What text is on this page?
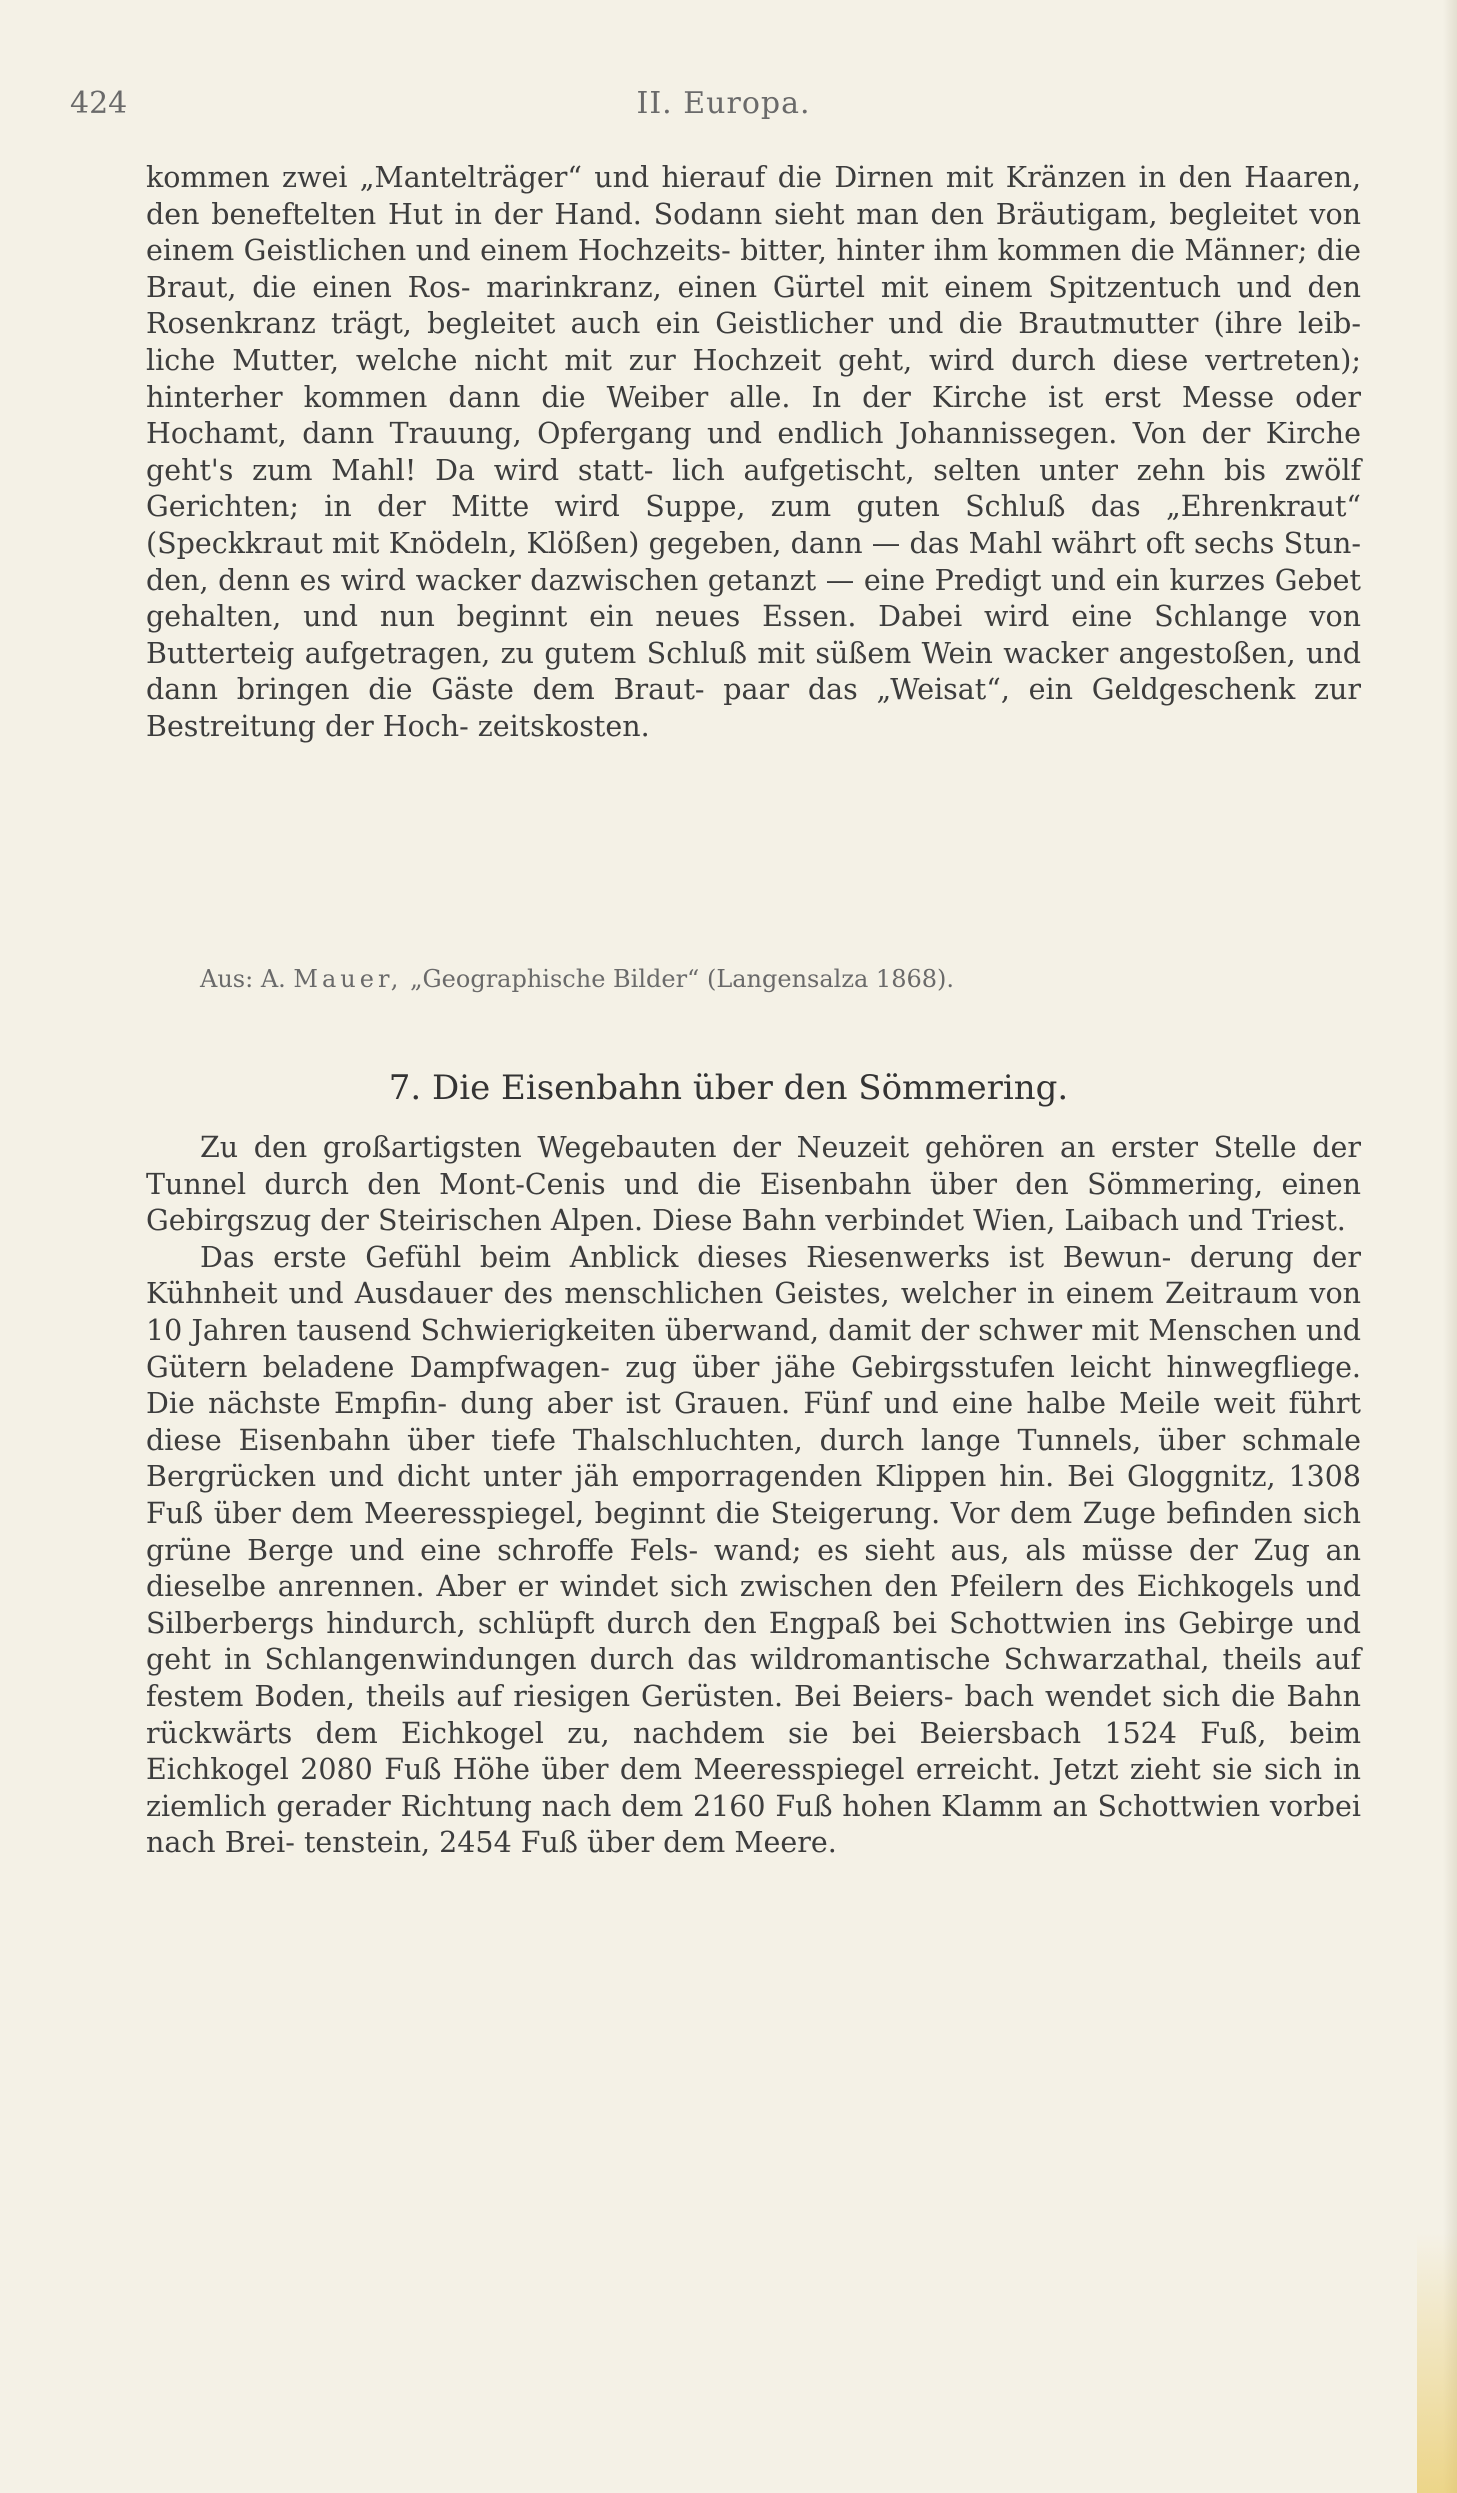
424	II. Europa.

kommen zwei „Mantelträger“ und hierauf die Dirnen mit Kränzen in den Haaren, den beneftelten Hut in der Hand. Sodann sieht man den Bräutigam, begleitet von einem Geistlichen und einem Hochzeits- bitter, hinter ihm kommen die Männer; die Braut, die einen Ros- marinkranz, einen Gürtel mit einem Spitzentuch und den Rosenkranz trägt, begleitet auch ein Geistlicher und die Brautmutter (ihre leib- liche Mutter, welche nicht mit zur Hochzeit geht, wird durch diese vertreten); hinterher kommen dann die Weiber alle. In der Kirche ist erst Messe oder Hochamt, dann Trauung, Opfergang und endlich Johannissegen. Von der Kirche geht's zum Mahl! Da wird statt- lich aufgetischt, selten unter zehn bis zwölf Gerichten; in der Mitte wird Suppe, zum guten Schluß das „Ehrenkraut“ (Speckkraut mit Knödeln, Klößen) gegeben, dann — das Mahl währt oft sechs Stun- den, denn es wird wacker dazwischen getanzt — eine Predigt und ein kurzes Gebet gehalten, und nun beginnt ein neues Essen. Dabei wird eine Schlange von Butterteig aufgetragen, zu gutem Schluß mit süßem Wein wacker angestoßen, und dann bringen die Gäste dem Braut- paar das „Weisat“, ein Geldgeschenk zur Bestreitung der Hoch- zeitskosten.

Aus: A. Mauer, „Geographische Bilder“ (Langensalza 1868).
7. Die Eisenbahn über den Sömmering.

Zu den großartigsten Wegebauten der Neuzeit gehören an erster Stelle der Tunnel durch den Mont-Cenis und die Eisenbahn über den Sömmering, einen Gebirgszug der Steirischen Alpen. Diese Bahn verbindet Wien, Laibach und Triest.

Das erste Gefühl beim Anblick dieses Riesenwerks ist Bewun- derung der Kühnheit und Ausdauer des menschlichen Geistes, welcher in einem Zeitraum von 10 Jahren tausend Schwierigkeiten überwand, damit der schwer mit Menschen und Gütern beladene Dampfwagen- zug über jähe Gebirgsstufen leicht hinwegfliege. Die nächste Empfin- dung aber ist Grauen. Fünf und eine halbe Meile weit führt diese Eisenbahn über tiefe Thalschluchten, durch lange Tunnels, über schmale Bergrücken und dicht unter jäh emporragenden Klippen hin. Bei Gloggnitz, 1308 Fuß über dem Meeresspiegel, beginnt die Steigerung. Vor dem Zuge befinden sich grüne Berge und eine schroffe Fels- wand; es sieht aus, als müsse der Zug an dieselbe anrennen. Aber er windet sich zwischen den Pfeilern des Eichkogels und Silberbergs hindurch, schlüpft durch den Engpaß bei Schottwien ins Gebirge und geht in Schlangenwindungen durch das wildromantische Schwarzathal, theils auf festem Boden, theils auf riesigen Gerüsten. Bei Beiers- bach wendet sich die Bahn rückwärts dem Eichkogel zu, nachdem sie bei Beiersbach 1524 Fuß, beim Eichkogel 2080 Fuß Höhe über dem Meeresspiegel erreicht. Jetzt zieht sie sich in ziemlich gerader Richtung nach dem 2160 Fuß hohen Klamm an Schottwien vorbei nach Brei- tenstein, 2454 Fuß über dem Meere.
